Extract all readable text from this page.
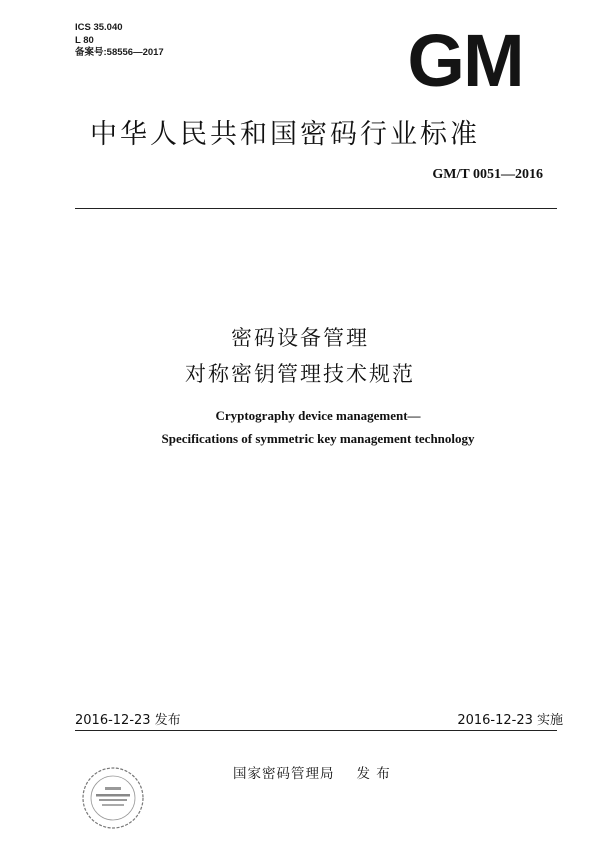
ICS 35.040
L 80
备案号:58556—2017	GM
中华人民共和国密码行业标准
GM/T 0051—2016
密码设备管理
对称密钥管理技术规范
Cryptography device management—
Specifications of symmetric key management technology
2016-12-23 发布	2016-12-23 实施
国家密码管理局 发 布
